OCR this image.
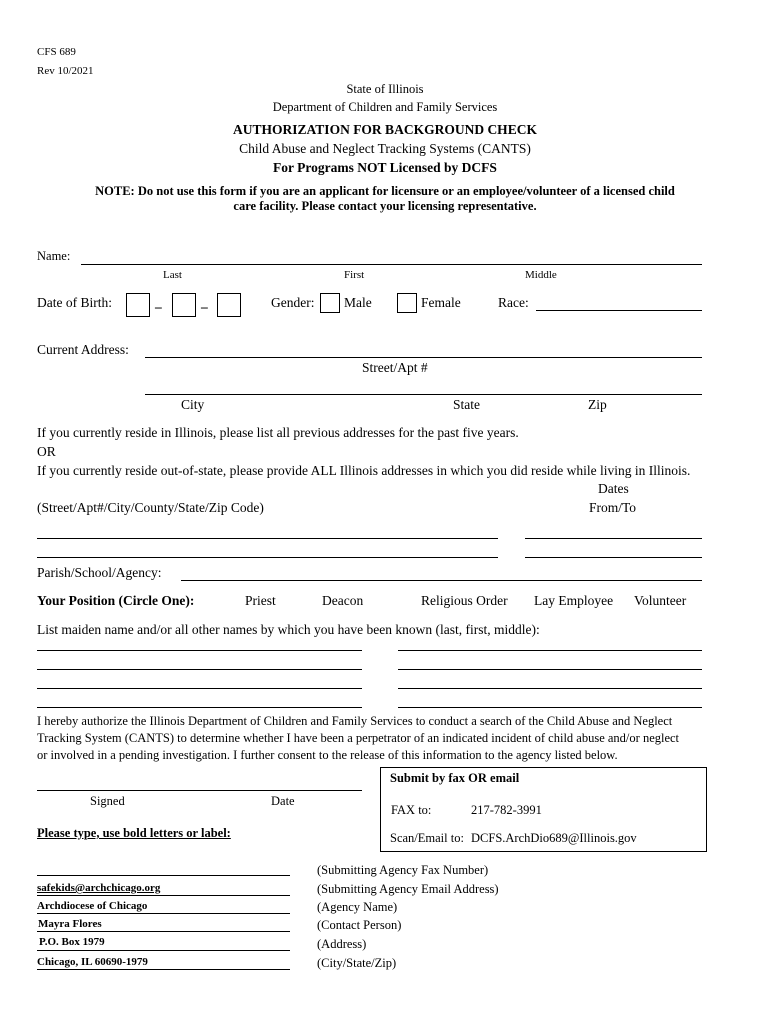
CFS 689
Rev 10/2021
State of Illinois
Department of Children and Family Services
AUTHORIZATION FOR BACKGROUND CHECK
Child Abuse and Neglect Tracking Systems (CANTS)
For Programs NOT Licensed by DCFS
NOTE: Do not use this form if you are an applicant for licensure or an employee/volunteer of a licensed child
care facility. Please contact your licensing representative.
Name:
Last	First	Middle
Date of Birth:	–	–	Gender: Male	Female	Race:
Current Address:
Street/Apt #
City	State	Zip
If you currently reside in Illinois, please list all previous addresses for the past five years.
OR
If you currently reside out-of-state, please provide ALL Illinois addresses in which you did reside while living in Illinois.
Dates
(Street/Apt#/City/County/State/Zip Code)	From/To
Parish/School/Agency:
Your Position (Circle One):	Priest	Deacon	Religious Order Lay Employee Volunteer
List maiden name and/or all other names by which you have been known (last, first, middle):
I hereby authorize the Illinois Department of Children and Family Services to conduct a search of the Child Abuse and Neglect
Tracking System (CANTS) to determine whether I have been a perpetrator of an indicated incident of child abuse and/or neglect
or involved in a pending investigation. I further consent to the release of this information to the agency listed below.
Signed	Date
Please type, use bold letters or label:
Submit by fax OR email
FAX to:	217-782-3991
Scan/Email to: DCFS.ArchDio689@Illinois.gov
(Submitting Agency Fax Number)
safekids@archchicago.org	(Submitting Agency Email Address)
Archdiocese of Chicago	(Agency Name)
Mayra Flores	(Contact Person)
P.O. Box 1979	(Address)
Chicago, IL 60690-1979	(City/State/Zip)
